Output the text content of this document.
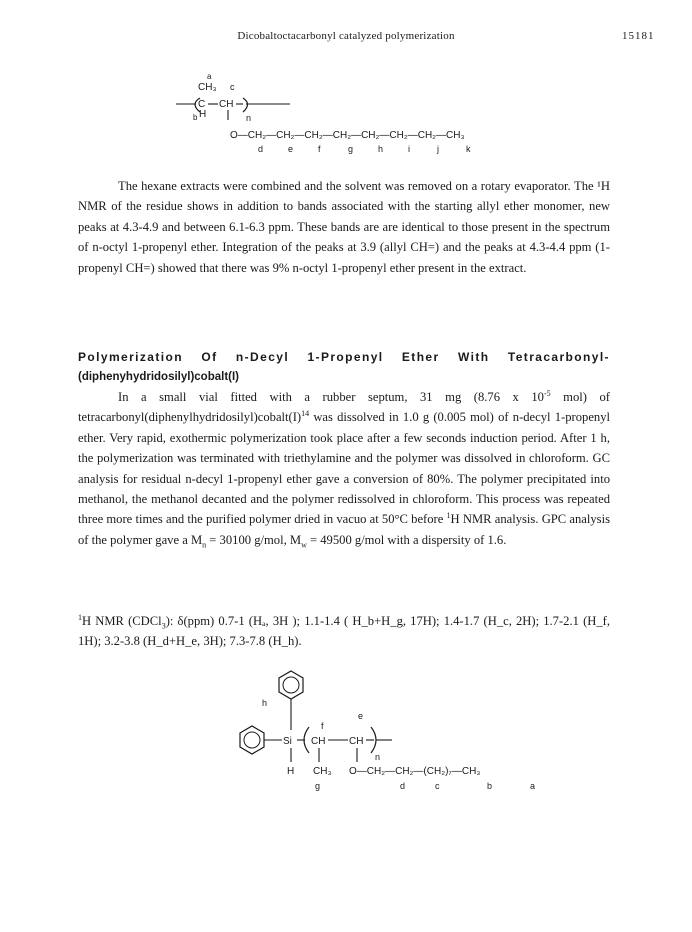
Dicobaltoctacarbonyl catalyzed polymerization	15181
a
CH₃ c
C CH
H
b	n
O—CH₂—CH₂—CH₂—CH₂—CH₂—CH₂—CH₂—CH₃
d	e	f	g	h	i	j	k

The hexane extracts were combined and the solvent was removed on a rotary evaporator. The ¹H NMR of the residue shows in addition to bands associated with the starting allyl ether monomer, new peaks at 4.3-4.9 and between 6.1-6.3 ppm. These bands are are identical to those present in the spectrum of n-octyl 1-propenyl ether. Integration of the peaks at 3.9 (allyl CH=) and the peaks at 4.3-4.4 ppm (1-propenyl CH=) showed that there was 9% n-octyl 1-propenyl ether present in the extract.

Polymerization Of n-Decyl 1-Propenyl Ether With Tetracarbonyl-
(diphenyhydridosilyl)cobalt(I)

In a small vial fitted with a rubber septum, 31 mg (8.76 x $10^{-5}$ mol) of $tetracarbonyl(diphenylhydridosilyl)cobalt(I)^{14}$ was dissolved in 1.0 g (0.005 mol) of n-decyl 1-propenyl ether. Very rapid, exothermic polymerization took place after a few seconds induction period. After 1 h, the polymerization was terminated with triethylamine and the polymer was dissolved in chloroform. GC analysis for residual n-decyl 1-propenyl ether gave a conversion of 80%. The polymer precipitated into methanol, the methanol decanted and the polymer redissolved in chloroform. This process was repeated three more times and the purified polymer dried in vacuo at 50°C before $^1$H NMR analysis. GPC analysis of the polymer gave a $M_n = 30100$ g/mol, $M_w = 49500$ g/mol with a dispersity of 1.6.

$^1$H NMR (CDCl$_3$): δ(ppm) 0.7-1 (Hₐ, 3H ); 1.1-1.4 ( H_b+H_g, 17H); 1.4-1.7 (H_c, 2H); 1.7-2.1 (H_f, 1H); 3.2-3.8 (H_d+H_e, 3H); 7.3-7.8 (H_h).

h
Si
f
e
CH CH
n
H CH₃ O—CH₂—CH₂—(CH₂)₇—CH₃
g	d	c	b	a
